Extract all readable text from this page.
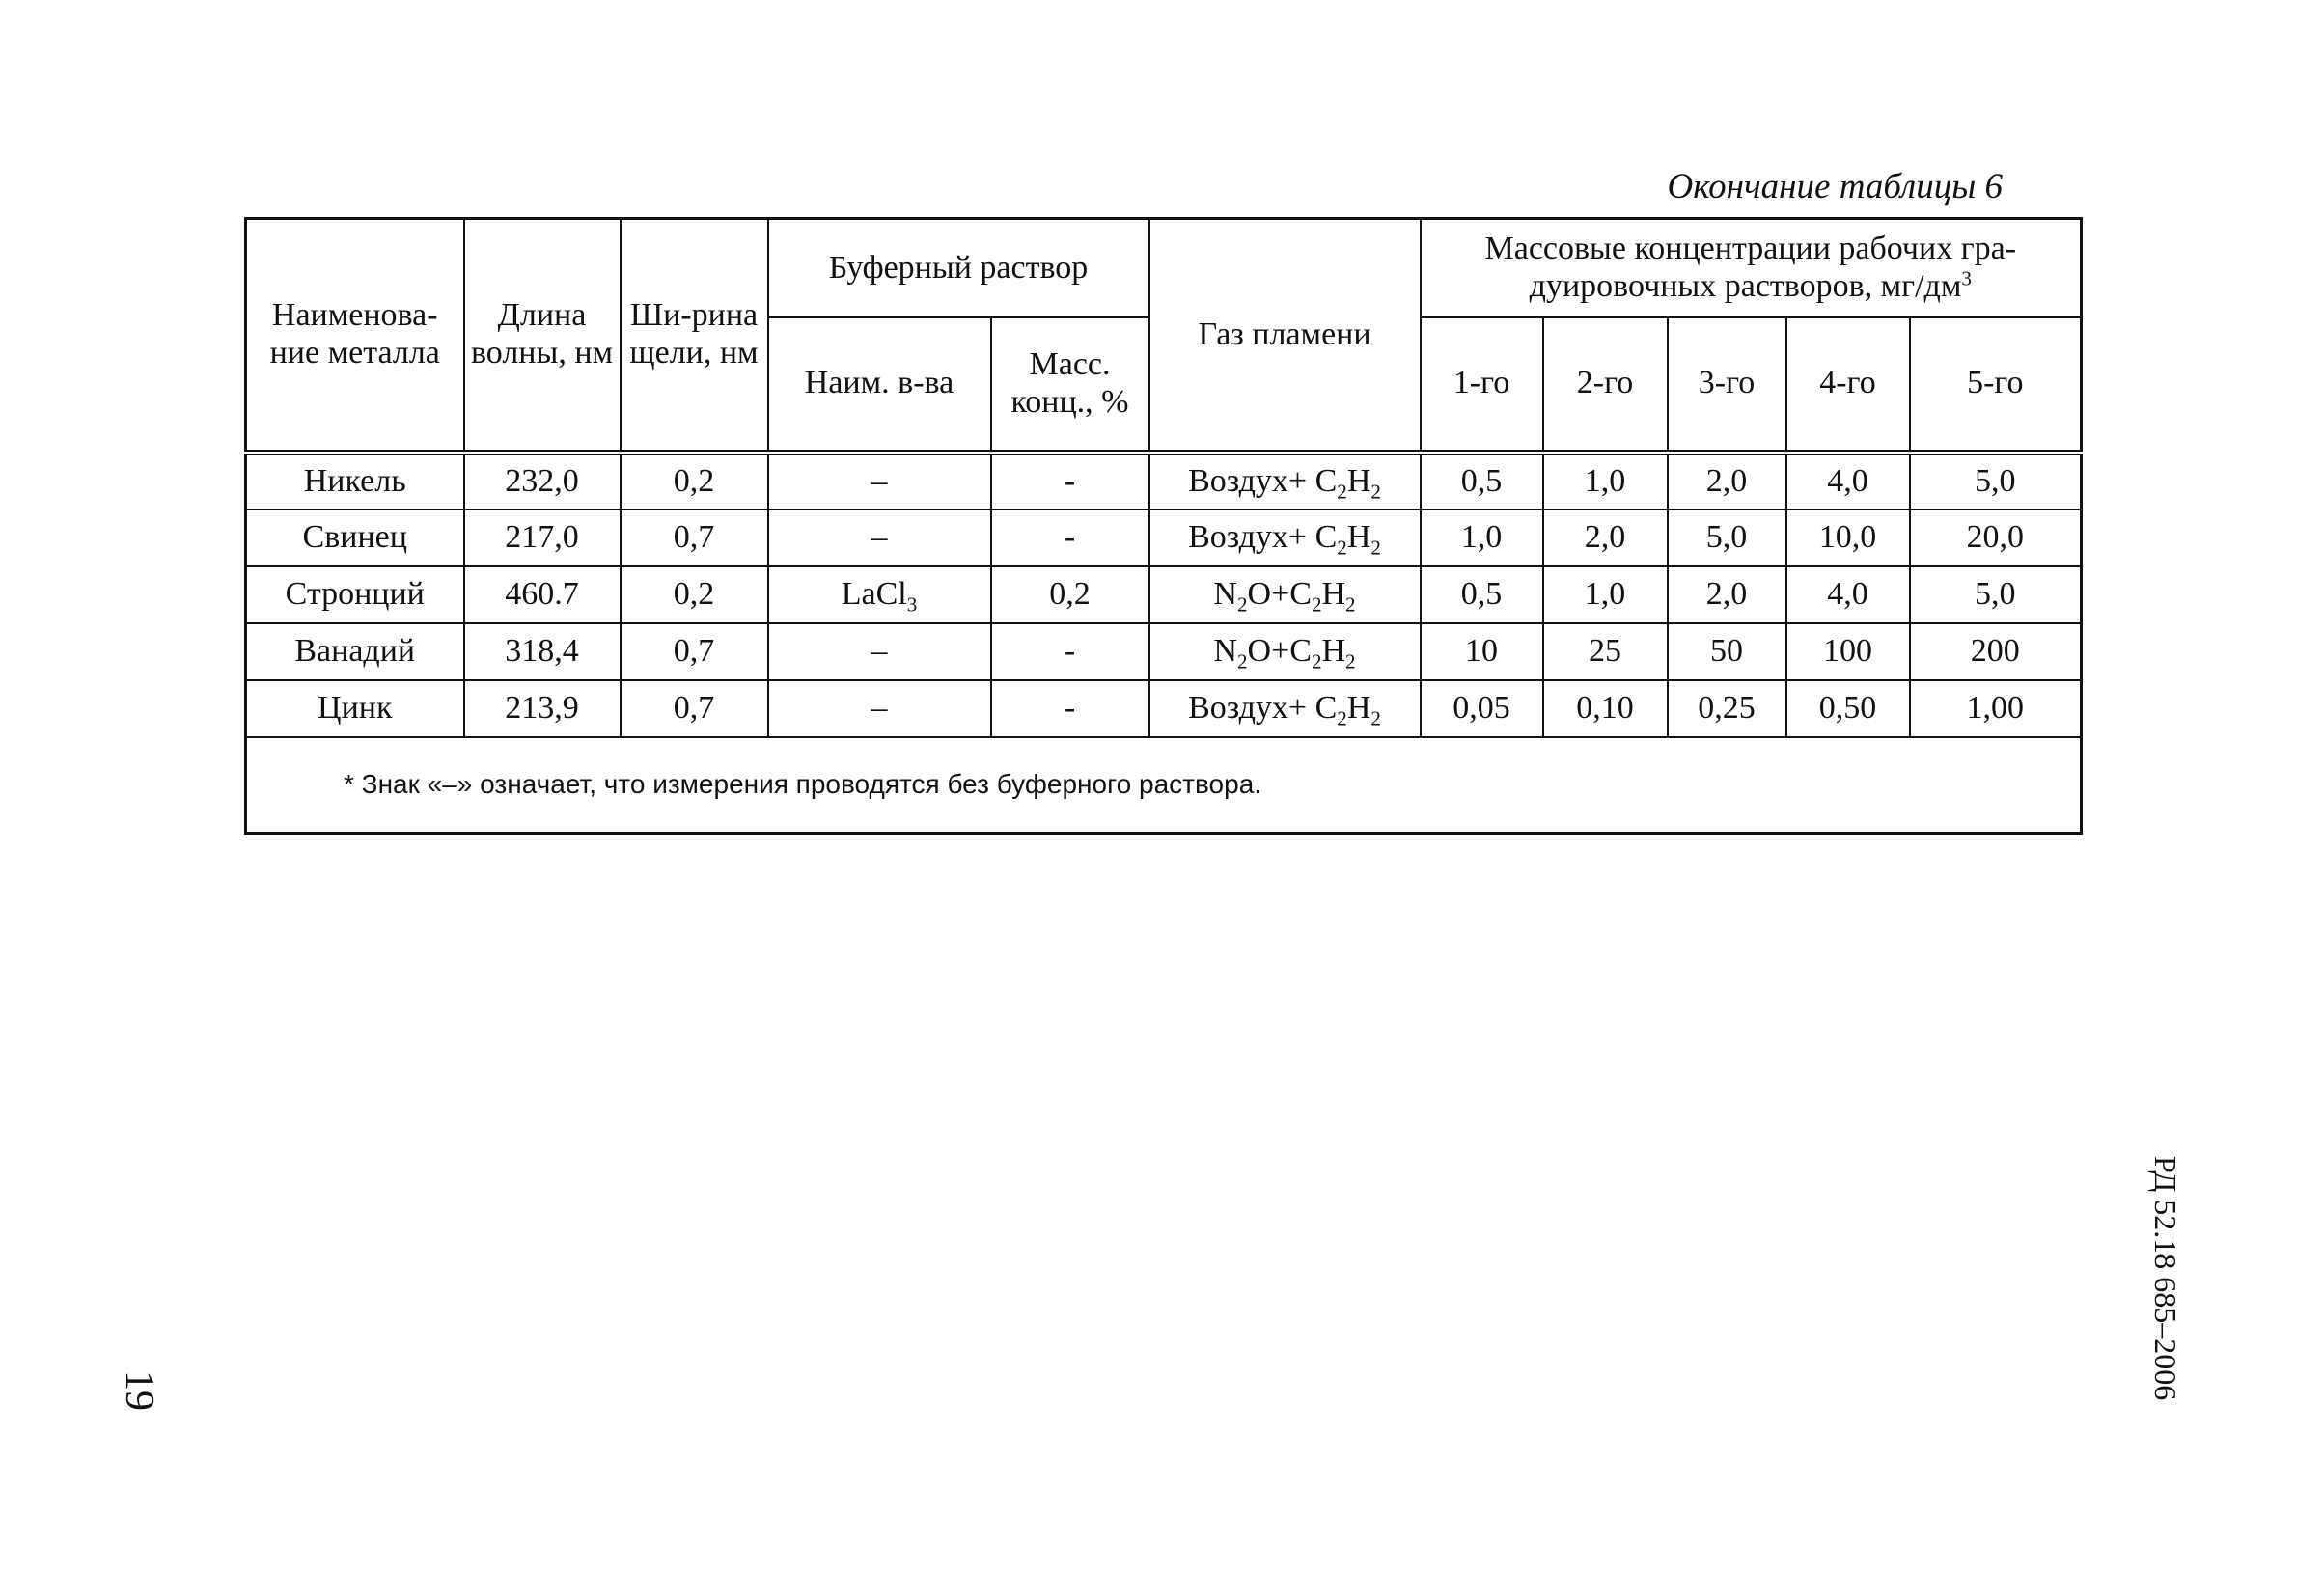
Окончание таблицы 6
Наименова-ние металла	Длина волны, нм	Ши-рина щели, нм	Буферный раствор		Газ пламени	Массовые концентрации рабочих гра-дуировочных растворов, $мг/дм^3$
			Наим. в-ва	Масс. конц., %		1-го	2-го	3-го	4-го	5-го
Никель	232,0	0,2	–	-	Воздух+ $C_2H_2$	0,5	1,0	2,0	4,0	5,0
Свинец	217,0	0,7	–	-	Воздух+ $C_2H_2$	1,0	2,0	5,0	10,0	20,0
Стронций	460.7	0,2	LaCl$_3$	0,2	$N_2O+C_2H_2$	0,5	1,0	2,0	4,0	5,0
Ванадий	318,4	0,7	–	-	$N_2O+C_2H_2$	10	25	50	100	200
Цинк	213,9	0,7	–	-	Воздух+ $C_2H_2$	0,05	0,10	0,25	0,50	1,00
* Знак «–» означает, что измерения проводятся без буферного раствора.										
19	РД 52.18 685–2006
